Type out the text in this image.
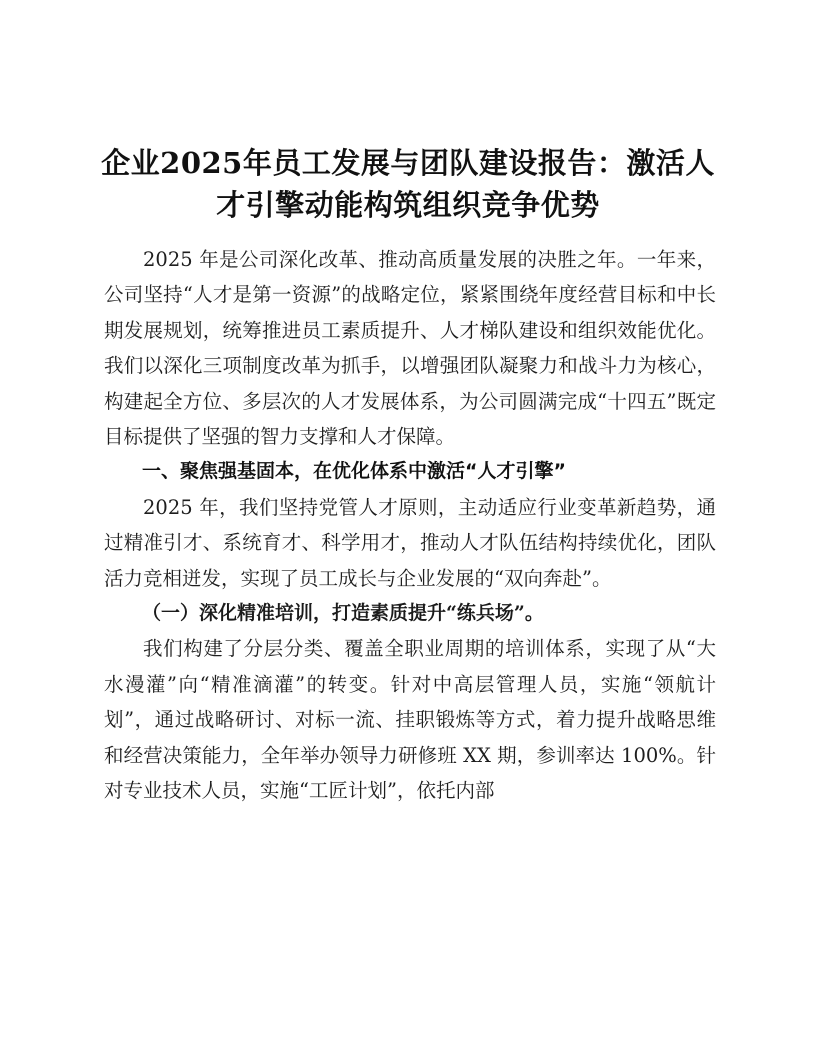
企业2025年员工发展与团队建设报告：激活人
才引擎动能构筑组织竞争优势

2025 年是公司深化改革、推动高质量发展的决胜之年。一年来，公司坚持“人才是第一资源”的战略定位，紧紧围绕年度经营目标和中长期发展规划，统筹推进员工素质提升、人才梯队建设和组织效能优化。我们以深化三项制度改革为抓手，以增强团队凝聚力和战斗力为核心，构建起全方位、多层次的人才发展体系，为公司圆满完成“十四五”既定目标提供了坚强的智力支撑和人才保障。

一、聚焦强基固本，在优化体系中激活“人才引擎”

2025 年，我们坚持党管人才原则，主动适应行业变革新趋势，通过精准引才、系统育才、科学用才，推动人才队伍结构持续优化，团队活力竞相迸发，实现了员工成长与企业发展的“双向奔赴”。

（一）深化精准培训，打造素质提升“练兵场”。

我们构建了分层分类、覆盖全职业周期的培训体系，实现了从“大水漫灌”向“精准滴灌”的转变。针对中高层管理人员，实施“领航计划”，通过战略研讨、对标一流、挂职锻炼等方式，着力提升战略思维和经营决策能力，全年举办领导力研修班 XX 期，参训率达 100%。针对专业技术人员，实施“工匠计划”，依托内部
